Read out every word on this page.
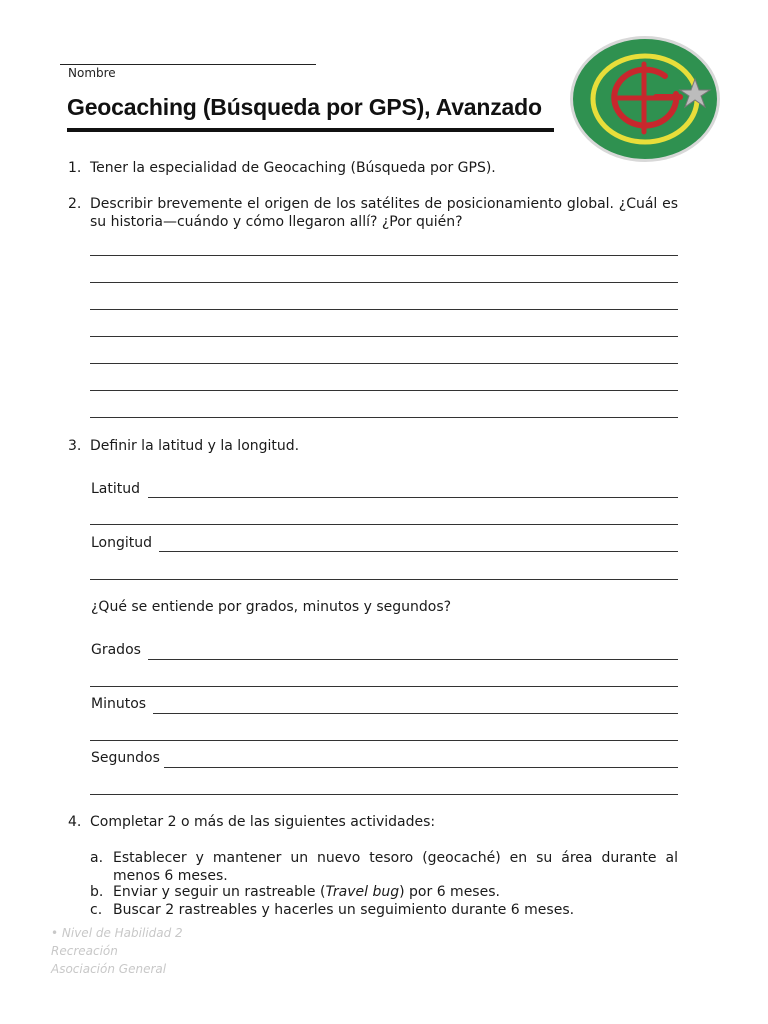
Nombre
Geocaching (Búsqueda por GPS), Avanzado
1. Tener la especialidad de Geocaching (Búsqueda por GPS).
2. Describir brevemente el origen de los satélites de posicionamiento global. ¿Cuál es su historia—cuándo y cómo llegaron allí? ¿Por quién?
3. Definir la latitud y la longitud.
Latitud
Longitud
¿Qué se entiende por grados, minutos y segundos?
Grados
Minutos
Segundos
4. Completar 2 o más de las siguientes actividades:
a. Establecer y mantener un nuevo tesoro (geocaché) en su área durante al menos 6 meses.
b. Enviar y seguir un rastreable (Travel bug) por 6 meses.
c. Buscar 2 rastreables y hacerles un seguimiento durante 6 meses.
• Nivel de Habilidad 2
Recreación
Asociación General
